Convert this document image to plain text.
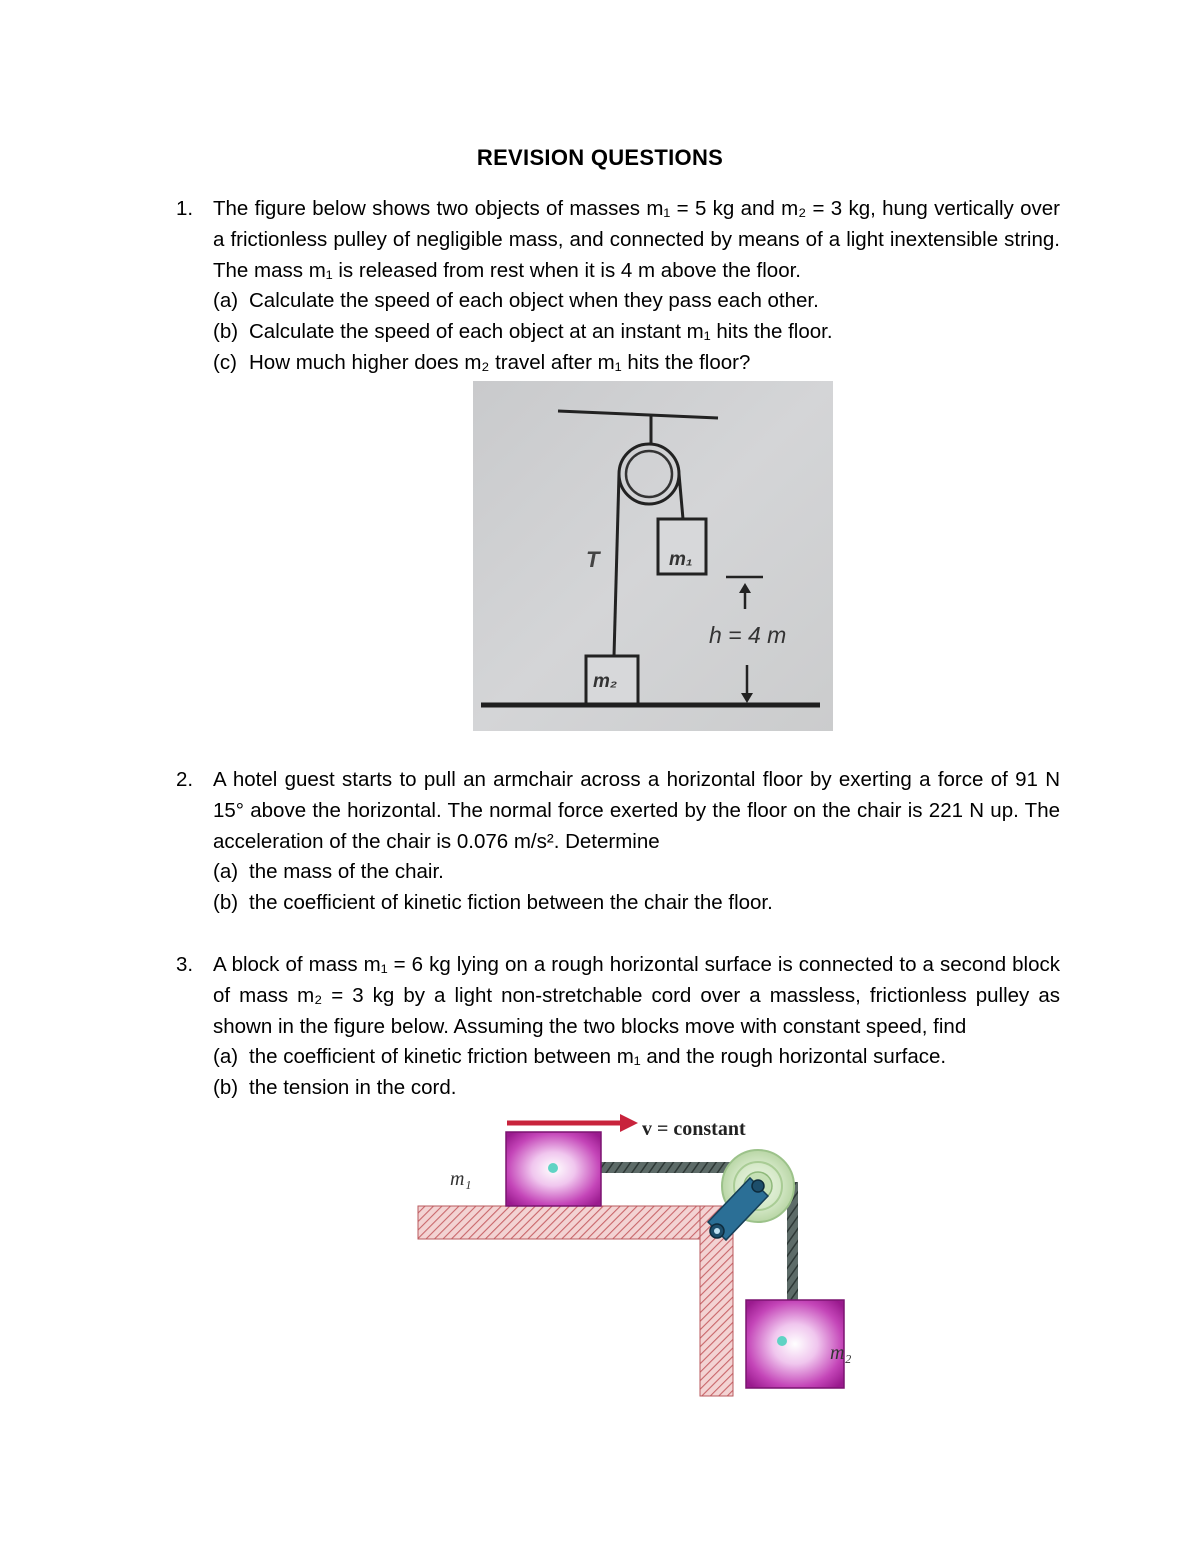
REVISION QUESTIONS
1. The figure below shows two objects of masses m₁ = 5 kg and m₂ = 3 kg, hung vertically over a frictionless pulley of negligible mass, and connected by means of a light inextensible string. The mass m₁ is released from rest when it is 4 m above the floor.
(a) Calculate the speed of each object when they pass each other.
(b) Calculate the speed of each object at an instant m₁ hits the floor.
(c) How much higher does m₂ travel after m₁ hits the floor?
T	m₁
m₂
h = 4 m
2. A hotel guest starts to pull an armchair across a horizontal floor by exerting a force of 91 N 15° above the horizontal. The normal force exerted by the floor on the chair is 221 N up. The acceleration of the chair is 0.076 m/s². Determine
(a) the mass of the chair.
(b) the coefficient of kinetic fiction between the chair the floor.
3. A block of mass m₁ = 6 kg lying on a rough horizontal surface is connected to a second block of mass m₂ = 3 kg by a light non-stretchable cord over a massless, frictionless pulley as shown in the figure below. Assuming the two blocks move with constant speed, find
(a) the coefficient of kinetic friction between m₁ and the rough horizontal surface.
(b) the tension in the cord.
v = constant
m₁
m₂
